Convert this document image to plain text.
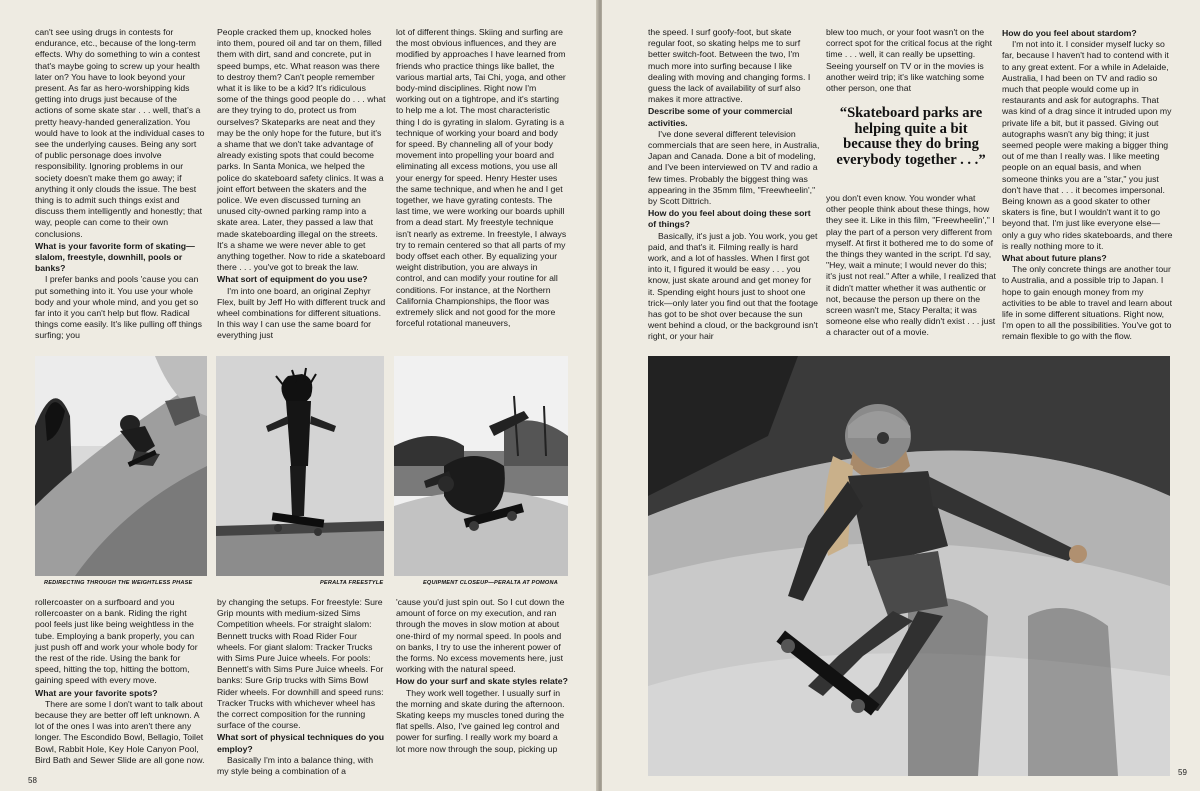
can't see using drugs in contests for endurance, etc., because of the long-term effects. Why do something to win a contest that's maybe going to screw up your health later on? You have to look beyond your present. As far as hero-worshipping kids getting into drugs just because of the actions of some skate star . . . well, that's a pretty heavy-handed generalization. You would have to look at the individual cases to see the underlying causes. Being any sort of public personage does involve responsibility. Ignoring problems in our society doesn't make them go away; if anything it only clouds the issue. The best thing is to admit such things exist and discuss them intelligently and honestly; that way, people can come to their own conclusions.

What is your favorite form of skating—slalom, freestyle, downhill, pools or banks?

I prefer banks and pools 'cause you can put something into it. You use your whole body and your whole mind, and you get so far into it you can't help but flow. Radical things come easily. It's like pulling off things surfing; you

People cracked them up, knocked holes into them, poured oil and tar on them, filled them with dirt, sand and concrete, put in speed bumps, etc. What reason was there to destroy them? Can't people remember what it is like to be a kid? It's ridiculous some of the things good people do . . . what are they trying to do, protect us from ourselves? Skateparks are neat and they may be the only hope for the future, but it's a shame that we don't take advantage of already existing spots that could become parks. In Santa Monica, we helped the police do skateboard safety clinics. It was a joint effort between the skaters and the police. We even discussed turning an unused city-owned parking ramp into a skate area. Later, they passed a law that made skateboarding illegal on the streets. It's a shame we were never able to get anything together. Now to ride a skateboard there . . . you've got to break the law.

What sort of equipment do you use?

I'm into one board, an original Zephyr Flex, built by Jeff Ho with different truck and wheel combinations for different situations. In this way I can use the same board for everything just

lot of different things. Skiing and surfing are the most obvious influences, and they are modified by approaches I have learned from friends who practice things like ballet, the various martial arts, Tai Chi, yoga, and other body-mind disciplines. Right now I'm working out on a tightrope, and it's starting to help me a lot. The most characteristic thing I do is gyrating in slalom. Gyrating is a technique of working your board and body for speed. By channeling all of your body movement into propelling your board and eliminating all excess motions, you use all your energy for speed. Henry Hester uses the same technique, and when he and I get together, we have gyrating contests. The last time, we were working our boards uphill from a dead start. My freestyle technique isn't nearly as extreme. In freestyle, I always try to remain centered so that all parts of my body offset each other. By equalizing your weight distribution, you are always in control, and can modify your routine for all conditions. For instance, at the Northern California Championships, the floor was extremely slick and not good for the more forceful rotational maneuvers,

REDIRECTING THROUGH THE WEIGHTLESS PHASE	PERALTA FREESTYLE	EQUIPMENT CLOSEUP—PERALTA AT POMONA

rollercoaster on a surfboard and you rollercoaster on a bank. Riding the right pool feels just like being weightless in the tube. Employing a bank properly, you can just push off and work your whole body for the rest of the ride. Using the bank for speed, hitting the top, hitting the bottom, gaining speed with every move.

What are your favorite spots?

There are some I don't want to talk about because they are better off left unknown. A lot of the ones I was into aren't there any longer. The Escondido Bowl, Bellagio, Toilet Bowl, Rabbit Hole, Key Hole Canyon Pool, Bird Bath and Sewer Slide are all gone now.

by changing the setups. For freestyle: Sure Grip mounts with medium-sized Sims Competition wheels. For straight slalom: Bennett trucks with Road Rider Four wheels. For giant slalom: Tracker Trucks with Sims Pure Juice wheels. For pools: Bennett's with Sims Pure Juice wheels. For banks: Sure Grip trucks with Sims Bowl Rider wheels. For downhill and speed runs: Tracker Trucks with whichever wheel has the correct composition for the running surface of the course.

What sort of physical techniques do you employ?

Basically I'm into a balance thing, with my style being a combination of a

'cause you'd just spin out. So I cut down the amount of force on my execution, and ran through the moves in slow motion at about one-third of my normal speed. In pools and on banks, I try to use the inherent power of the forms. No excess movements here, just working with the natural speed.

How do your surf and skate styles relate?

They work well together. I usually surf in the morning and skate during the afternoon. Skating keeps my muscles toned during the flat spells. Also, I've gained leg control and power for surfing. I really work my board a lot more now through the soup, picking up

58

the speed. I surf goofy-foot, but skate regular foot, so skating helps me to surf better switch-foot. Between the two, I'm much more into surfing because I like dealing with moving and changing forms. I guess the lack of availability of surf also makes it more attractive.

Describe some of your commercial activities.

I've done several different television commercials that are seen here, in Australia, Japan and Canada. Done a bit of modeling, and I've been interviewed on TV and radio a few times. Probably the biggest thing was appearing in the 35mm film, "Freewheelin'," by Scott Dittrich.

How do you feel about doing these sort of things?

Basically, it's just a job. You work, you get paid, and that's it. Filming really is hard work, and a lot of hassles. When I first got into it, I figured it would be easy . . . you know, just skate around and get money for it. Spending eight hours just to shoot one trick—only later you find out that the footage has got to be shot over because the sun went behind a cloud, or the background isn't right, or your hair

blew too much, or your foot wasn't on the correct spot for the critical focus at the right time . . . well, it can really be upsetting. Seeing yourself on TV or in the movies is another weird trip; it's like watching some other person, one that

“Skateboard parks are helping quite a bit because they do bring everybody together . . .”

you don't even know. You wonder what other people think about these things, how they see it. Like in this film, "Freewheelin'," I play the part of a person very different from myself. At first it bothered me to do some of the things they wanted in the script. I'd say, "Hey, wait a minute; I would never do this; it's just not real." After a while, I realized that it didn't matter whether it was authentic or not, because the person up there on the screen wasn't me, Stacy Peralta; it was someone else who really didn't exist . . . just a character out of a movie.

How do you feel about stardom?

I'm not into it. I consider myself lucky so far, because I haven't had to contend with it to any great extent. For a while in Adelaide, Australia, I had been on TV and radio so much that people would come up in restaurants and ask for autographs. That was kind of a drag since it intruded upon my private life a bit, but it passed. Giving out autographs wasn't any big thing; it just seemed people were making a bigger thing out of me than I really was. I like meeting people on an equal basis, and when someone thinks you are a "star," you just don't have that . . . it becomes impersonal. Being known as a good skater to other skaters is fine, but I wouldn't want it to go beyond that. I'm just like everyone else—only a guy who rides skateboards, and there is really nothing more to it.

What about future plans?

The only concrete things are another tour to Australia, and a possible trip to Japan. I hope to gain enough money from my activities to be able to travel and learn about life in some different situations. Right now, I'm open to all the possibilities. You've got to remain flexible to go with the flow.

59
